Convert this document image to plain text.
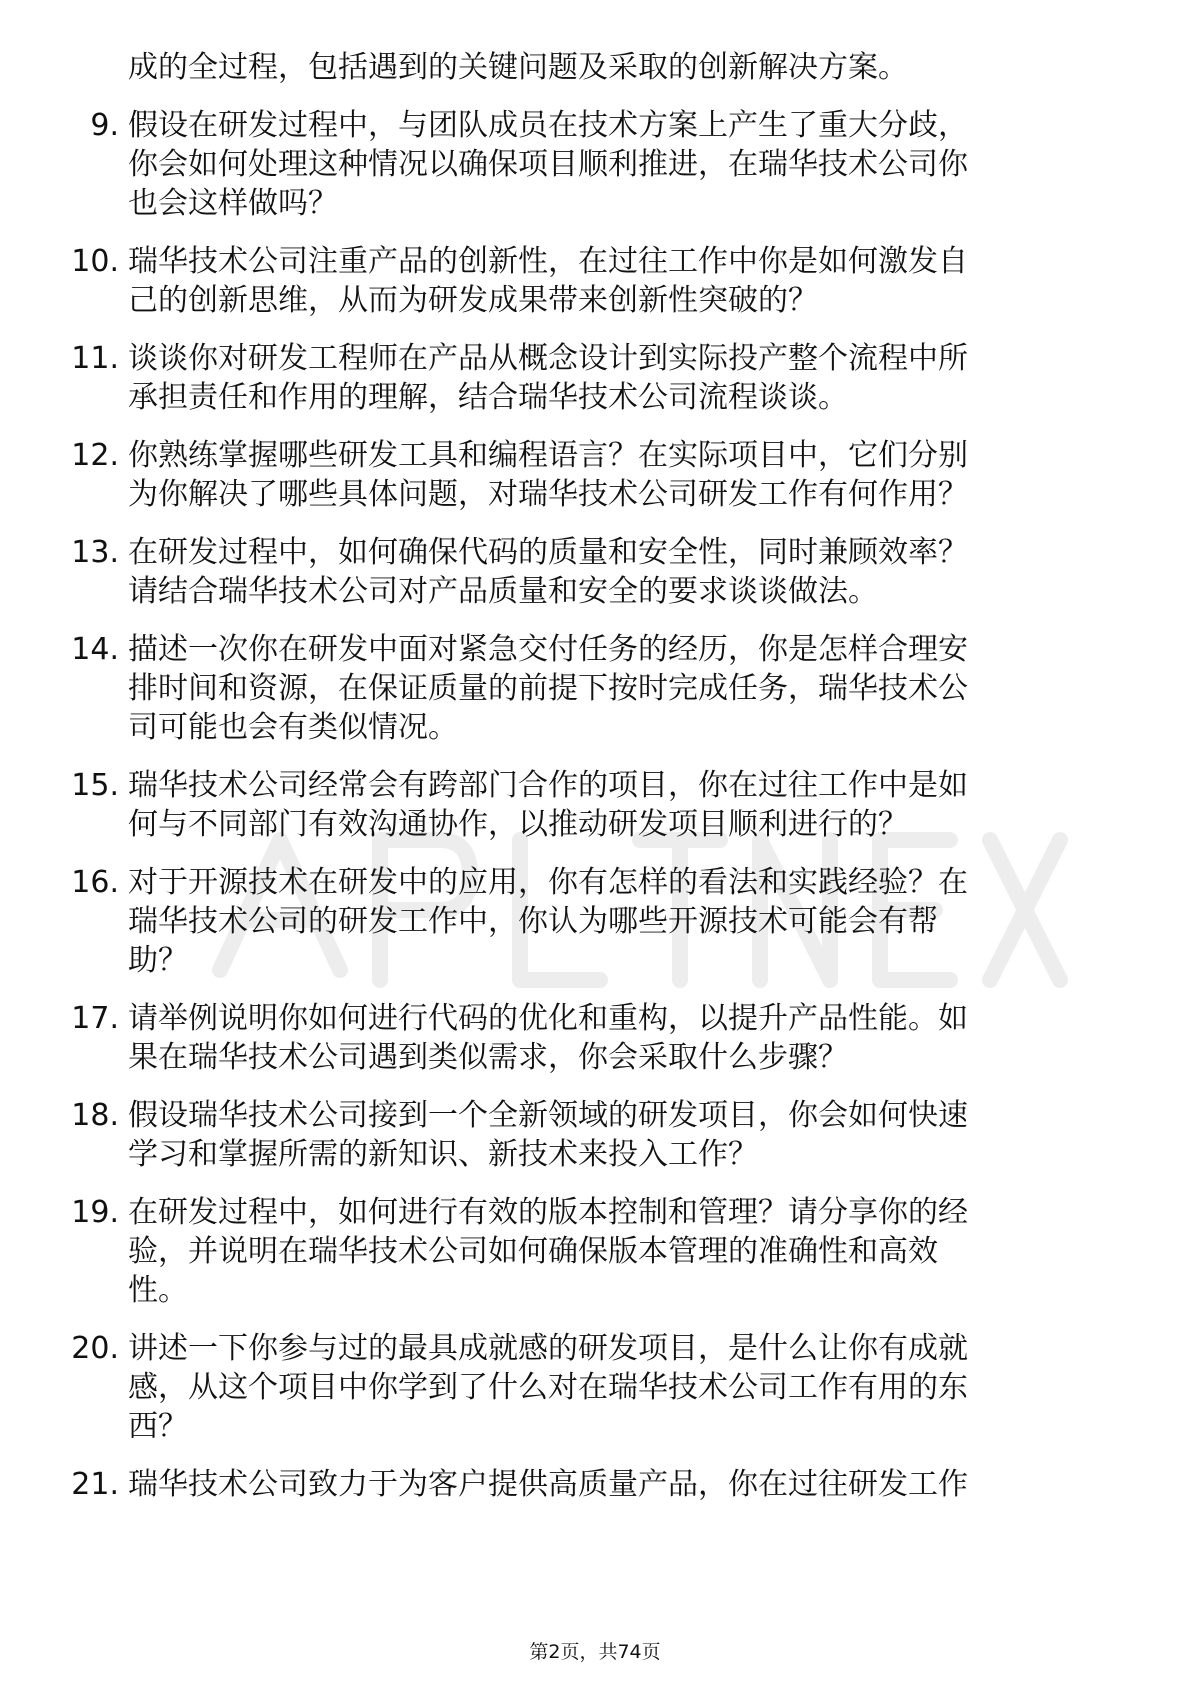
成的全过程，包括遇到的关键问题及采取的创新解决方案。
9. 假设在研发过程中，与团队成员在技术方案上产生了重大分歧，
你会如何处理这种情况以确保项目顺利推进，在瑞华技术公司你
也会这样做吗？
10. 瑞华技术公司注重产品的创新性，在过往工作中你是如何激发自
己的创新思维，从而为研发成果带来创新性突破的？
11. 谈谈你对研发工程师在产品从概念设计到实际投产整个流程中所
承担责任和作用的理解，结合瑞华技术公司流程谈谈。
12. 你熟练掌握哪些研发工具和编程语言？在实际项目中，它们分别
为你解决了哪些具体问题，对瑞华技术公司研发工作有何作用？
13. 在研发过程中，如何确保代码的质量和安全性，同时兼顾效率？
请结合瑞华技术公司对产品质量和安全的要求谈谈做法。
14. 描述一次你在研发中面对紧急交付任务的经历，你是怎样合理安
排时间和资源，在保证质量的前提下按时完成任务，瑞华技术公
司可能也会有类似情况。
15. 瑞华技术公司经常会有跨部门合作的项目，你在过往工作中是如
何与不同部门有效沟通协作，以推动研发项目顺利进行的？
16. 对于开源技术在研发中的应用，你有怎样的看法和实践经验？在
瑞华技术公司的研发工作中，你认为哪些开源技术可能会有帮
助？
17. 请举例说明你如何进行代码的优化和重构，以提升产品性能。如
果在瑞华技术公司遇到类似需求，你会采取什么步骤？
18. 假设瑞华技术公司接到一个全新领域的研发项目，你会如何快速
学习和掌握所需的新知识、新技术来投入工作？
19. 在研发过程中，如何进行有效的版本控制和管理？请分享你的经
验，并说明在瑞华技术公司如何确保版本管理的准确性和高效
性。
20. 讲述一下你参与过的最具成就感的研发项目，是什么让你有成就
感，从这个项目中你学到了什么对在瑞华技术公司工作有用的东
西？
21. 瑞华技术公司致力于为客户提供高质量产品，你在过往研发工作
第2页，共74页
